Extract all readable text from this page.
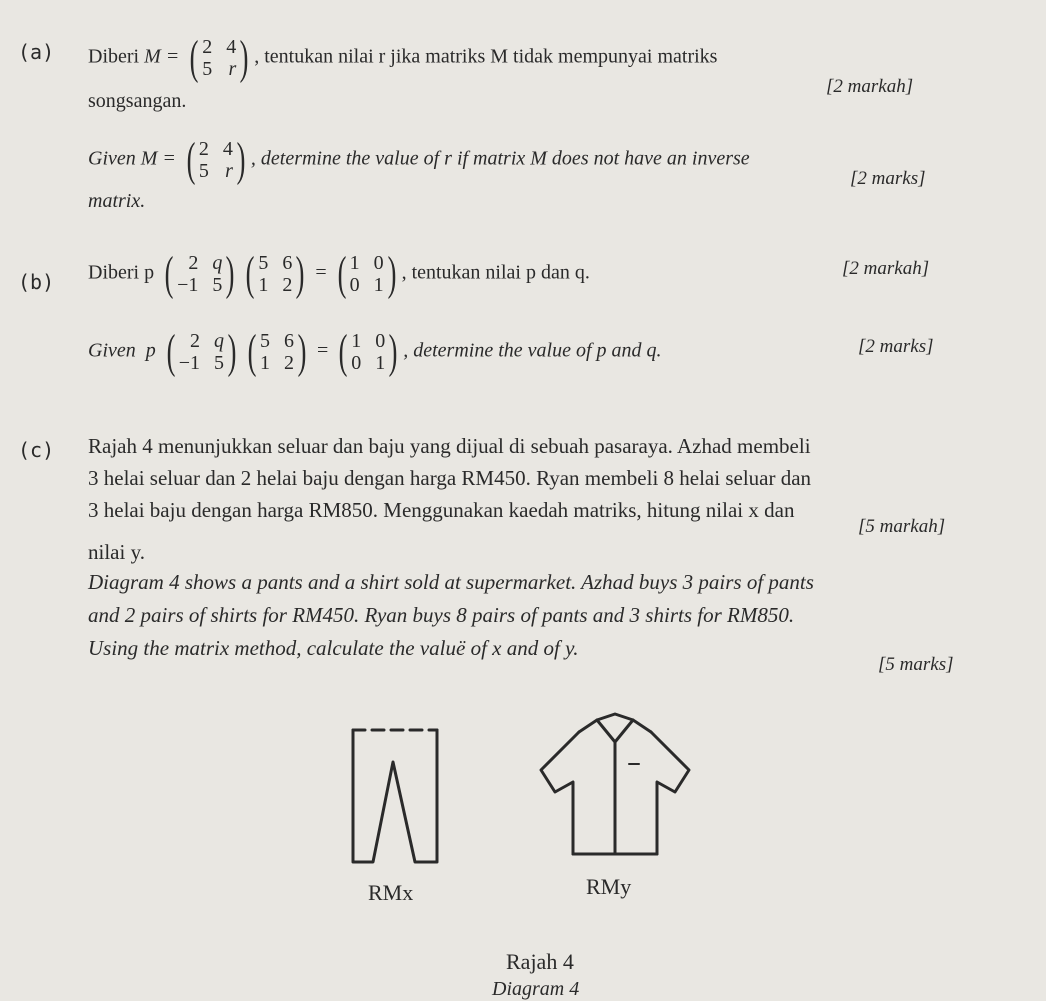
(a) Diberi M = ( 2 4
5 r ) , tentukan nilai r jika matriks M tidak mempunyai matriks
[2 markah]
songsangan.
Given M = ( 2 4
5 r ) , determine the value of r if matrix M does not have an inverse
[2 marks]
matrix.
(b) Diberi p ( 2 q
−1 5 ) ( 5 6
1 2 ) = ( 1 0
0 1 ) , tentukan nilai p dan q.	[2 markah]
Given p ( 2 q
−1 5 ) ( 5 6
1 2 ) = ( 1 0
0 1 ) , determine the value of p and q.	[2 marks]
(c) Rajah 4 menunjukkan seluar dan baju yang dijual di sebuah pasaraya. Azhad membeli
3 helai seluar dan 2 helai baju dengan harga RM450. Ryan membeli 8 helai seluar dan
3 helai baju dengan harga RM850. Menggunakan kaedah matriks, hitung nilai x dan
[5 markah]
nilai y.
Diagram 4 shows a pants and a shirt sold at supermarket. Azhad buys 3 pairs of pants
and 2 pairs of shirts for RM450. Ryan buys 8 pairs of pants and 3 shirts for RM850.
Using the matrix method, calculate the valuë of x and of y.
[5 marks]
RMx	RMy
Rajah 4
Diagram 4
